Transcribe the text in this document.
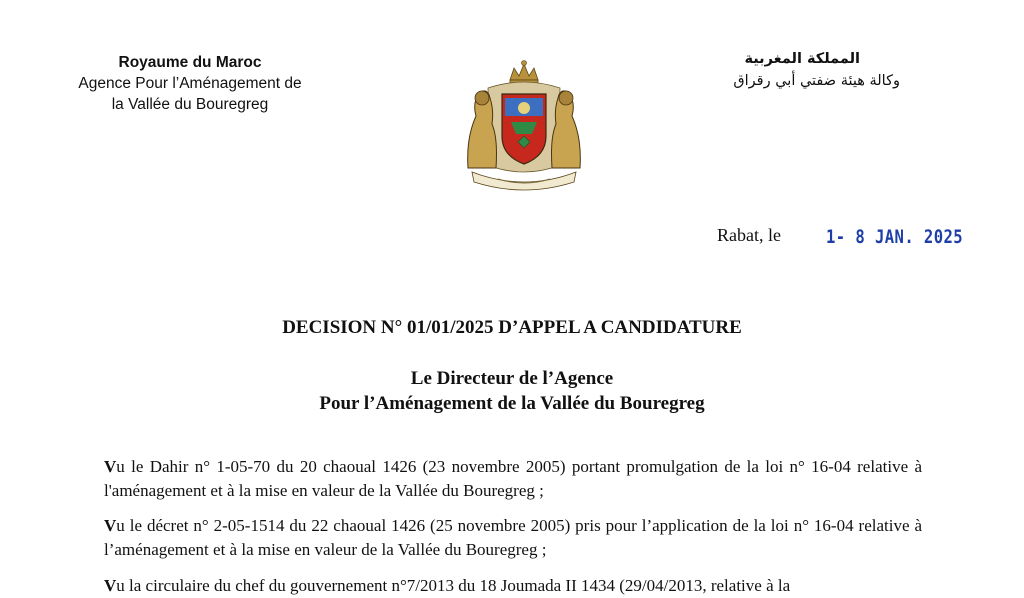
Royaume du Maroc
Agence Pour l’Aménagement de
la Vallée du Bouregreg
المملكة المغربية
وكالة هيئة ضفتي أبي رقراق
Rabat, le 1- 8 JAN. 2025
DECISION N° 01/01/2025 D’APPEL A CANDIDATURE
Le Directeur de l’Agence
Pour l’Aménagement de la Vallée du Bouregreg
Vu le Dahir n° 1-05-70 du 20 chaoual 1426 (23 novembre 2005) portant promulgation de la loi n° 16-04 relative à l'aménagement et à la mise en valeur de la Vallée du Bouregreg ;
Vu le décret n° 2-05-1514 du 22 chaoual 1426 (25 novembre 2005) pris pour l’application de la loi n° 16-04 relative à l’aménagement et à la mise en valeur de la Vallée du Bouregreg ;
Vu la circulaire du chef du gouvernement n°7/2013 du 18 Joumada II 1434 (29/04/2013, relative à la
